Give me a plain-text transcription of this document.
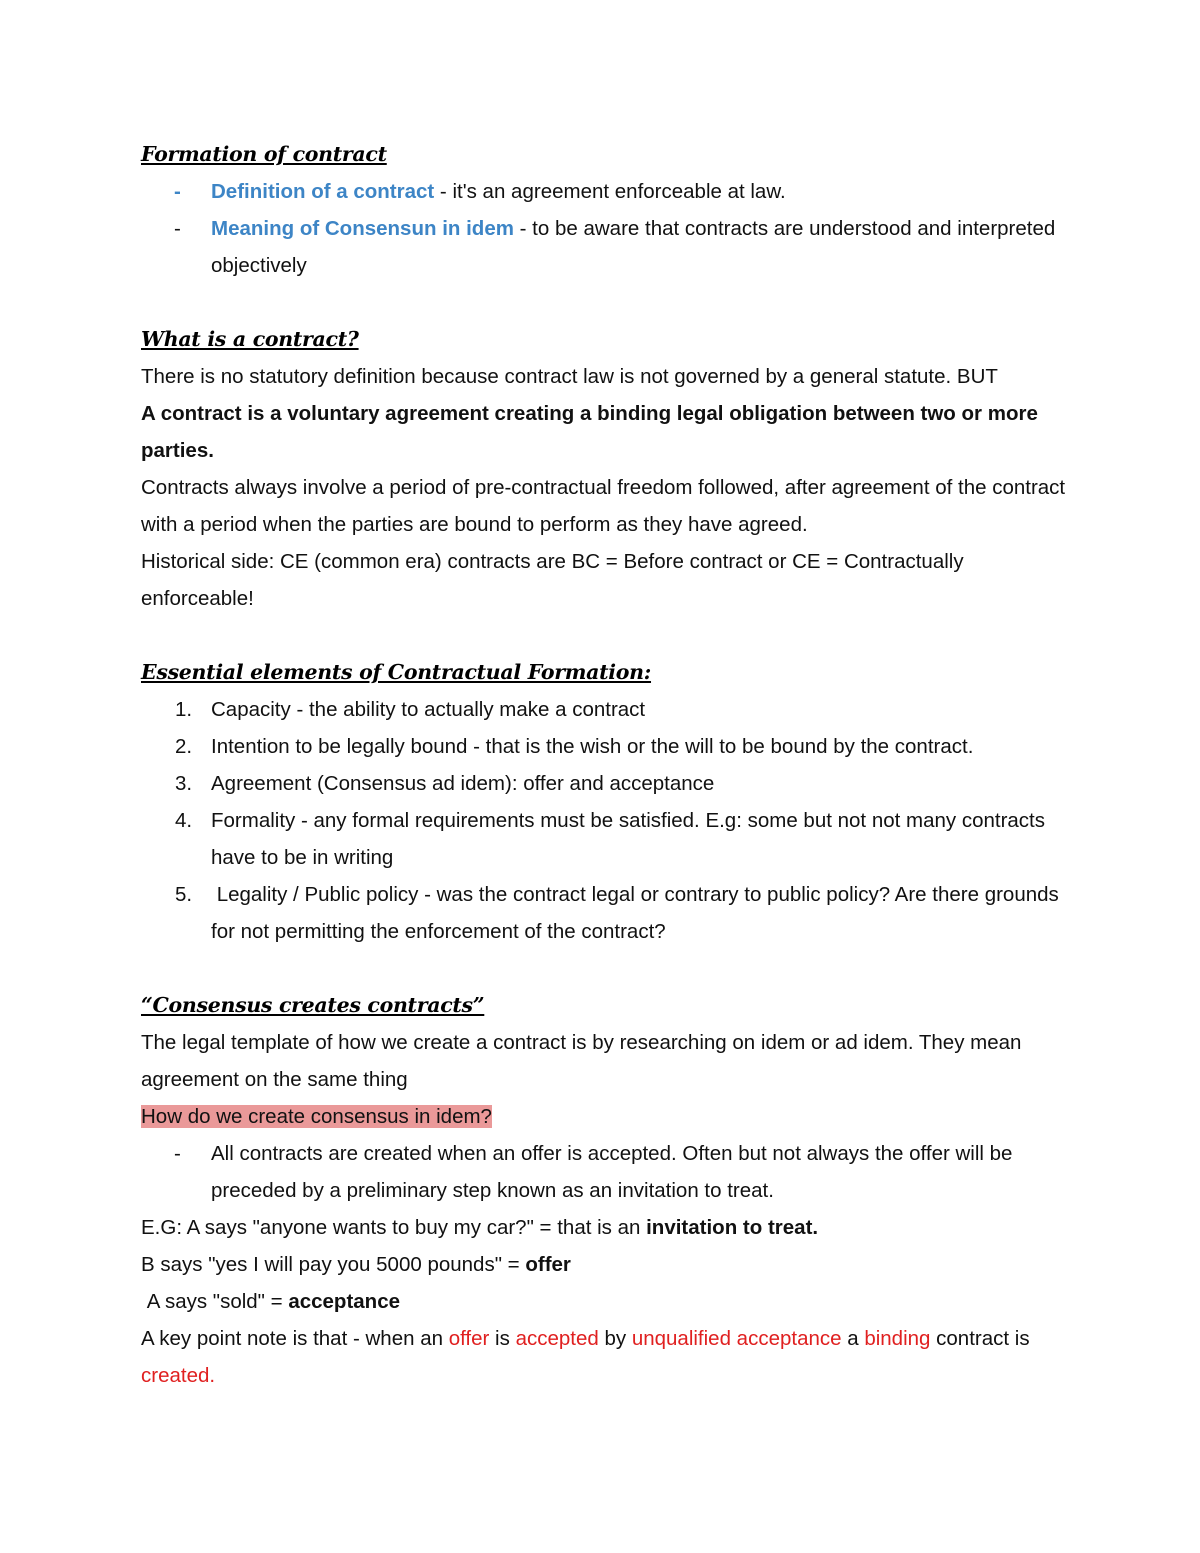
Formation of contract
- Definition of a contract - it's an agreement enforceable at law.
- Meaning of Consensun in idem - to be aware that contracts are understood and interpreted objectively
What is a contract?

There is no statutory definition because contract law is not governed by a general statute. BUT

A contract is a voluntary agreement creating a binding legal obligation between two or more parties.

Contracts always involve a period of pre-contractual freedom followed, after agreement of the contract with a period when the parties are bound to perform as they have agreed.

Historical side: CE (common era) contracts are BC = Before contract or CE = Contractually enforceable!

Essential elements of Contractual Formation:
1. Capacity - the ability to actually make a contract
2. Intention to be legally bound - that is the wish or the will to be bound by the contract.
3. Agreement (Consensus ad idem): offer and acceptance
4. Formality - any formal requirements must be satisfied. E.g: some but not not many contracts have to be in writing
5. Legality / Public policy - was the contract legal or contrary to public policy? Are there grounds for not permitting the enforcement of the contract?
“Consensus creates contracts”

The legal template of how we create a contract is by researching on idem or ad idem. They mean agreement on the same thing

How do we create consensus in idem?

- All contracts are created when an offer is accepted. Often but not always the offer will be preceded by a preliminary step known as an invitation to treat.

E.G: A says "anyone wants to buy my car?" = that is an invitation to treat.

B says "yes I will pay you 5000 pounds" = offer

A says "sold" = acceptance

A key point note is that - when an offer is accepted by unqualified acceptance a binding contract is created.
